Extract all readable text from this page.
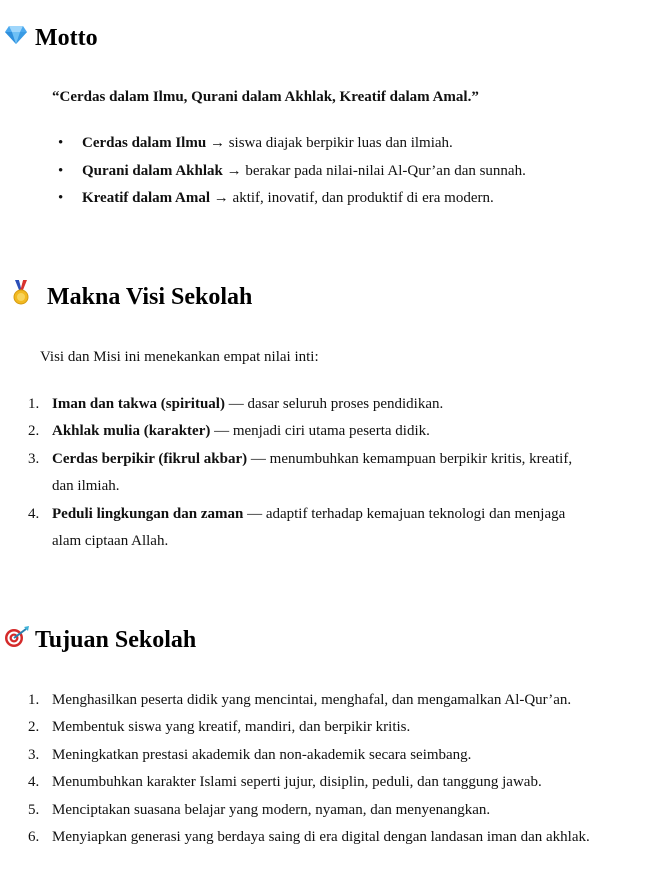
Motto
“Cerdas dalam Ilmu, Qurani dalam Akhlak, Kreatif dalam Amal.”
• Cerdas dalam Ilmu → siswa diajak berpikir luas dan ilmiah.
• Qurani dalam Akhlak → berakar pada nilai-nilai Al-Qur’an dan sunnah.
• Kreatif dalam Amal → aktif, inovatif, dan produktif di era modern.
Makna Visi Sekolah
Visi dan Misi ini menekankan empat nilai inti:
1. Iman dan takwa (spiritual) — dasar seluruh proses pendidikan.
2. Akhlak mulia (karakter) — menjadi ciri utama peserta didik.
3. Cerdas berpikir (fikrul akbar) — menumbuhkan kemampuan berpikir kritis, kreatif,
dan ilmiah.
4. Peduli lingkungan dan zaman — adaptif terhadap kemajuan teknologi dan menjaga
alam ciptaan Allah.
Tujuan Sekolah
1. Menghasilkan peserta didik yang mencintai, menghafal, dan mengamalkan Al-Qur’an.
2. Membentuk siswa yang kreatif, mandiri, dan berpikir kritis.
3. Meningkatkan prestasi akademik dan non-akademik secara seimbang.
4. Menumbuhkan karakter Islami seperti jujur, disiplin, peduli, dan tanggung jawab.
5. Menciptakan suasana belajar yang modern, nyaman, dan menyenangkan.
6. Menyiapkan generasi yang berdaya saing di era digital dengan landasan iman dan akhlak.
